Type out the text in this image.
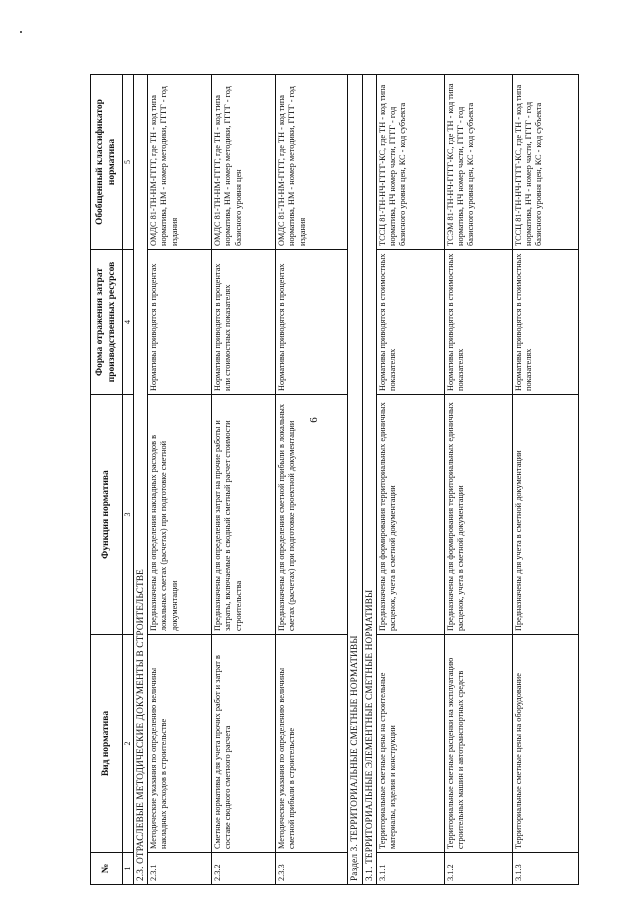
6
№	Вид норматива	Функция норматива	Форма отражения затрат производственных ресурсов	Обобщенный классификатор норматива
1	2	3	4	5
2.3. ОТРАСЛЕВЫЕ МЕТОДИЧЕСКИЕ ДОКУМЕНТЫ В СТРОИТЕЛЬСТВЕ				
2.3.1	Методические указания по определению величины накладных расходов в строительстве	Предназначены для определения накладных расходов в локальных сметах (расчетах) при подготовке сметной документации	Нормативы приводятся в процентах	ОМДС 81-ТН-НМ-ГГГГ, где ТН - код типа норматива, НМ - номер методики, ГГГГ - год издания
2.3.2	Сметные нормативы для учета прочих работ и затрат в составе сводного сметного расчета	Предназначены для определения затрат на прочие работы и затраты, включаемые в сводный сметный расчет стоимости строительства	Нормативы приводятся в процентах или стоимостных показателях	ОМДС 81-ТН-НМ-ГГГГ, где ТН - код типа норматива, НМ - номер методики, ГГГГ - год базисного уровня цен
2.3.3	Методические указания по определению величины сметной прибыли в строительстве	Предназначены для определения сметной прибыли в локальных сметах (расчетах) при подготовке проектной документации	Нормативы приводятся в процентах	ОМДС 81-ТН-НМ-ГГГГ, где ТН - код типа норматива, НМ - номер методики, ГГГГ - год издания
Раздел 3. ТЕРРИТОРИАЛЬНЫЕ СМЕТНЫЕ НОРМАТИВЫ				
3.1. ТЕРРИТОРИАЛЬНЫЕ ЭЛЕМЕНТНЫЕ СМЕТНЫЕ НОРМАТИВЫ				
3.1.1	Территориальные сметные цены на строительные материалы, изделия и конструкции	Предназначены для формирования территориальных единичных расценок, учета в сметной документации	Нормативы приводятся в стоимостных показателях	ТССЦ 81-ТН-НЧ-ГГГГ-КС, где ТН - код типа норматива, НЧ номер части, ГГГГ - год базисного уровня цен, КС - код субъекта
3.1.2	Территориальные сметные расценки на эксплуатацию строительных машин и автотранспортных средств	Предназначены для формирования территориальных единичных расценок, учета в сметной документации	Нормативы приводятся в стоимостных показателях	ТСЭМ 81-ТН-НЧ-ГГГГ-КС, где ТН - код типа норматива, НЧ номер части, ГГГГ - год базисного уровня цен, КС - код субъекта
3.1.3	Территориальные сметные цены на оборудование	Предназначены для учета в сметной документации	Нормативы приводятся в стоимостных показателях	ТССЦ 81-ТН-НЧ-ГГГГ-КС, где ТН - код типа норматива, НЧ - номер части, ГГГГ - год базисного уровня цен, КС - код субъекта
